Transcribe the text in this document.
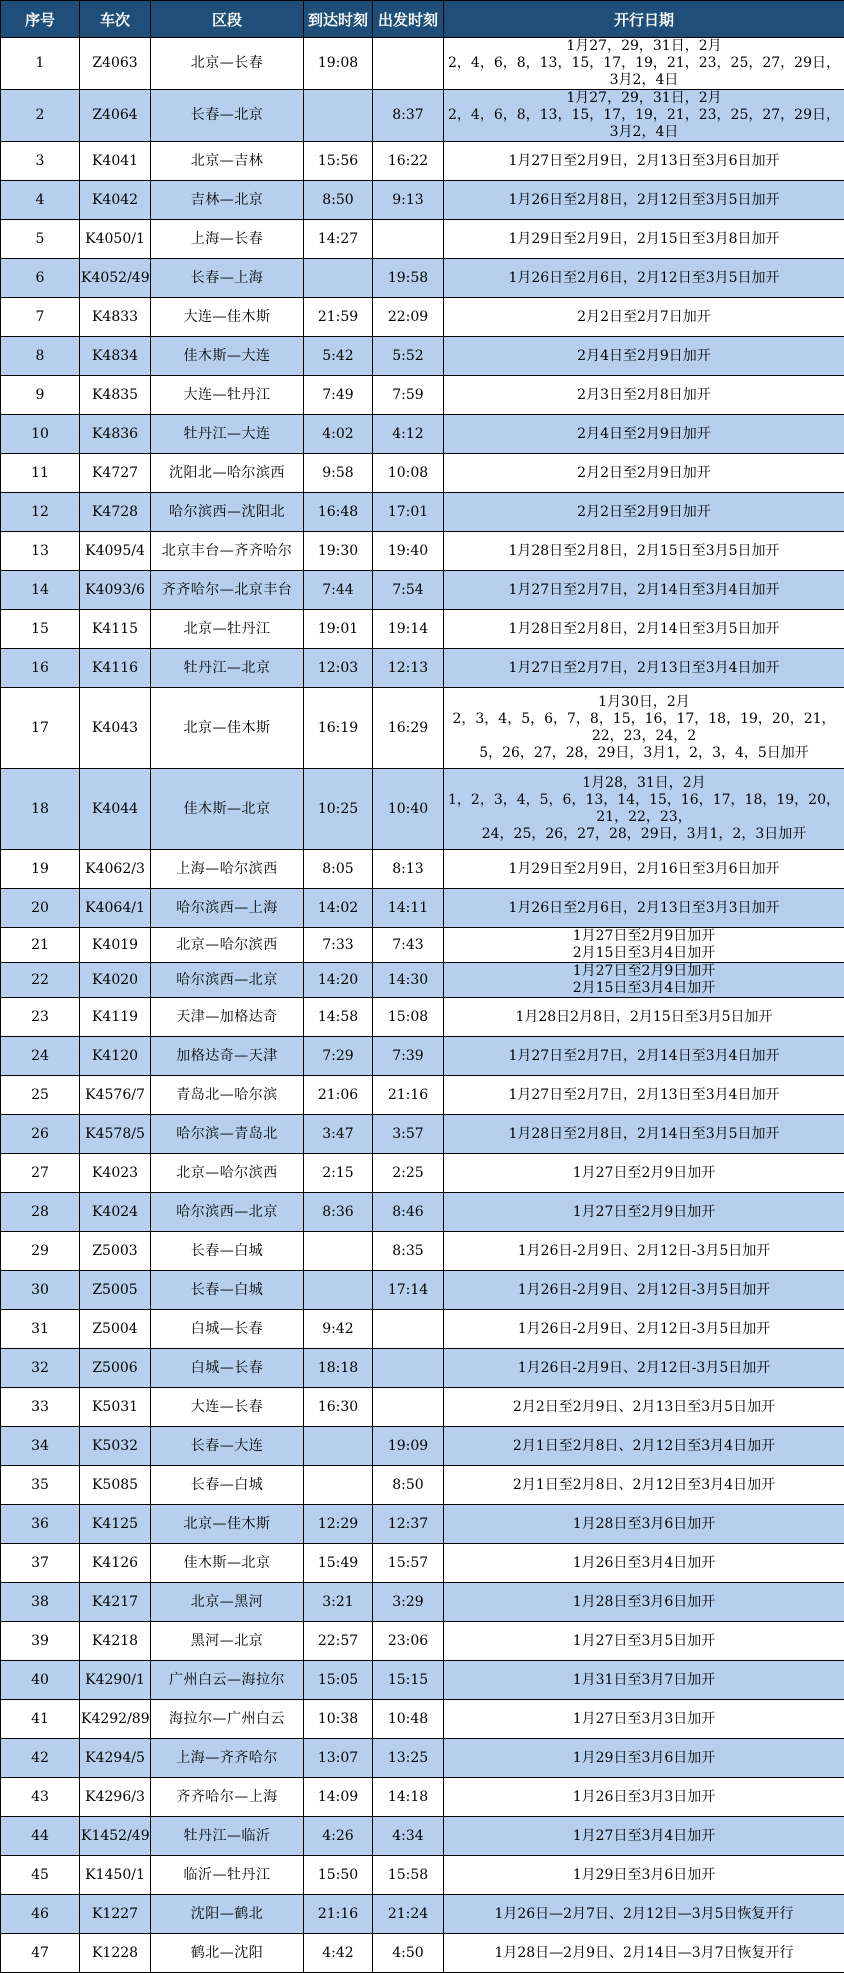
序号	车次	区段	到达时刻	出发时刻	开行日期
1	Z4063	北京—长春	19:08		1月27，29，31日，2月
2，4，6，8，13，15，17，19，21，23，25，27，29日，3月2，4日

2	Z4064	长春—北京		8:37	1月27，29，31日，2月
2，4，6，8，13，15，17，19，21，23，25，27，29日，3月2，4日

3	K4041	北京—吉林	15:56	16:22	1月27日至2月9日，2月13日至3月6日加开

4	K4042	吉林—北京	8:50	9:13	1月26日至2月8日，2月12日至3月5日加开

5	K4050/1	上海—长春	14:27		1月29日至2月9日，2月15日至3月8日加开

6	K4052/49	长春—上海		19:58	1月26日至2月6日，2月12日至3月5日加开

7	K4833	大连—佳木斯	21:59	22:09	2月2日至2月7日加开

8	K4834	佳木斯—大连	5:42	5:52	2月4日至2月9日加开

9	K4835	大连—牡丹江	7:49	7:59	2月3日至2月8日加开

10	K4836	牡丹江—大连	4:02	4:12	2月4日至2月9日加开

11	K4727	沈阳北—哈尔滨西	9:58	10:08	2月2日至2月9日加开

12	K4728	哈尔滨西—沈阳北	16:48	17:01	2月2日至2月9日加开

13	K4095/4	北京丰台—齐齐哈尔	19:30	19:40	1月28日至2月8日，2月15日至3月5日加开

14	K4093/6	齐齐哈尔—北京丰台	7:44	7:54	1月27日至2月7日，2月14日至3月4日加开

15	K4115	北京—牡丹江	19:01	19:14	1月28日至2月8日，2月14日至3月5日加开

16	K4116	牡丹江—北京	12:03	12:13	1月27日至2月7日，2月13日至3月4日加开

17	K4043	北京—佳木斯	16:19	16:29	1月30日，2月
2，3，4，5，6，7，8，15，16，17，18，19，20，21，22，23，24，2
5，26，27，28，29日，3月1，2，3，4，5日加开

18	K4044	佳木斯—北京	10:25	10:40	1月28，31日，2月
1，2，3，4，5，6，13，14，15，16，17，18，19，20，21，22，23，
24，25，26，27，28，29日，3月1，2，3日加开

19	K4062/3	上海—哈尔滨西	8:05	8:13	1月29日至2月9日，2月16日至3月6日加开

20	K4064/1	哈尔滨西—上海	14:02	14:11	1月26日至2月6日，2月13日至3月3日加开

21	K4019	北京—哈尔滨西	7:33	7:43	1月27日至2月9日加开
2月15日至3月4日加开

22	K4020	哈尔滨西—北京	14:20	14:30	1月27日至2月9日加开
2月15日至3月4日加开

23	K4119	天津—加格达奇	14:58	15:08	1月28日2月8日，2月15日至3月5日加开

24	K4120	加格达奇—天津	7:29	7:39	1月27日至2月7日，2月14日至3月4日加开

25	K4576/7	青岛北—哈尔滨	21:06	21:16	1月27日至2月7日，2月13日至3月4日加开

26	K4578/5	哈尔滨—青岛北	3:47	3:57	1月28日至2月8日，2月14日至3月5日加开

27	K4023	北京—哈尔滨西	2:15	2:25	1月27日至2月9日加开

28	K4024	哈尔滨西—北京	8:36	8:46	1月27日至2月9日加开

29	Z5003	长春—白城		8:35	1月26日-2月9日、2月12日-3月5日加开

30	Z5005	长春—白城		17:14	1月26日-2月9日、2月12日-3月5日加开

31	Z5004	白城—长春	9:42		1月26日-2月9日、2月12日-3月5日加开

32	Z5006	白城—长春	18:18		1月26日-2月9日、2月12日-3月5日加开

33	K5031	大连—长春	16:30		2月2日至2月9日、2月13日至3月5日加开

34	K5032	长春—大连		19:09	2月1日至2月8日、2月12日至3月4日加开

35	K5085	长春—白城		8:50	2月1日至2月8日、2月12日至3月4日加开

36	K4125	北京—佳木斯	12:29	12:37	1月28日至3月6日加开

37	K4126	佳木斯—北京	15:49	15:57	1月26日至3月4日加开

38	K4217	北京—黑河	3:21	3:29	1月28日至3月6日加开

39	K4218	黑河—北京	22:57	23:06	1月27日至3月5日加开

40	K4290/1	广州白云—海拉尔	15:05	15:15	1月31日至3月7日加开

41	K4292/89	海拉尔—广州白云	10:38	10:48	1月27日至3月3日加开

42	K4294/5	上海—齐齐哈尔	13:07	13:25	1月29日至3月6日加开

43	K4296/3	齐齐哈尔—上海	14:09	14:18	1月26日至3月3日加开

44	K1452/49	牡丹江—临沂	4:26	4:34	1月27日至3月4日加开

45	K1450/1	临沂—牡丹江	15:50	15:58	1月29日至3月6日加开

46	K1227	沈阳—鹤北	21:16	21:24	1月26日—2月7日、2月12日—3月5日恢复开行

47	K1228	鹤北—沈阳	4:42	4:50	1月28日—2月9日、2月14日—3月7日恢复开行
